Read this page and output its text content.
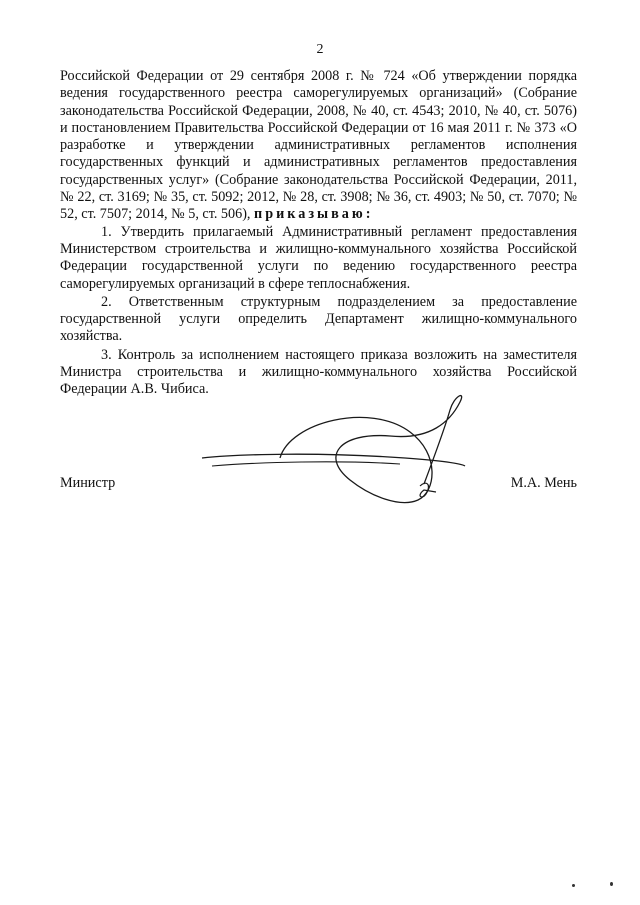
2

Российской Федерации от 29 сентября 2008 г. № 724 «Об утверждении порядка ведения государственного реестра саморегулируемых организаций» (Собрание законодательства Российской Федерации, 2008, № 40, ст. 4543; 2010, № 40, ст. 5076) и постановлением Правительства Российской Федерации от 16 мая 2011 г. № 373 «О разработке и утверждении административных регламентов исполнения государственных функций и административных регламентов предоставления государственных услуг» (Собрание законодательства Российской Федерации, 2011, № 22, ст. 3169; № 35, ст. 5092; 2012, № 28, ст. 3908; № 36, ст. 4903; № 50, ст. 7070; № 52, ст. 7507; 2014, № 5, ст. 506), приказываю:

1. Утвердить прилагаемый Административный регламент предоставления Министерством строительства и жилищно-коммунального хозяйства Российской Федерации государственной услуги по ведению государственного реестра саморегулируемых организаций в сфере теплоснабжения.

2. Ответственным структурным подразделением за предоставление государственной услуги определить Департамент жилищно-коммунального хозяйства.

3. Контроль за исполнением настоящего приказа возложить на заместителя Министра строительства и жилищно-коммунального хозяйства Российской Федерации А.В. Чибиса.

Министр	М.А. Мень
